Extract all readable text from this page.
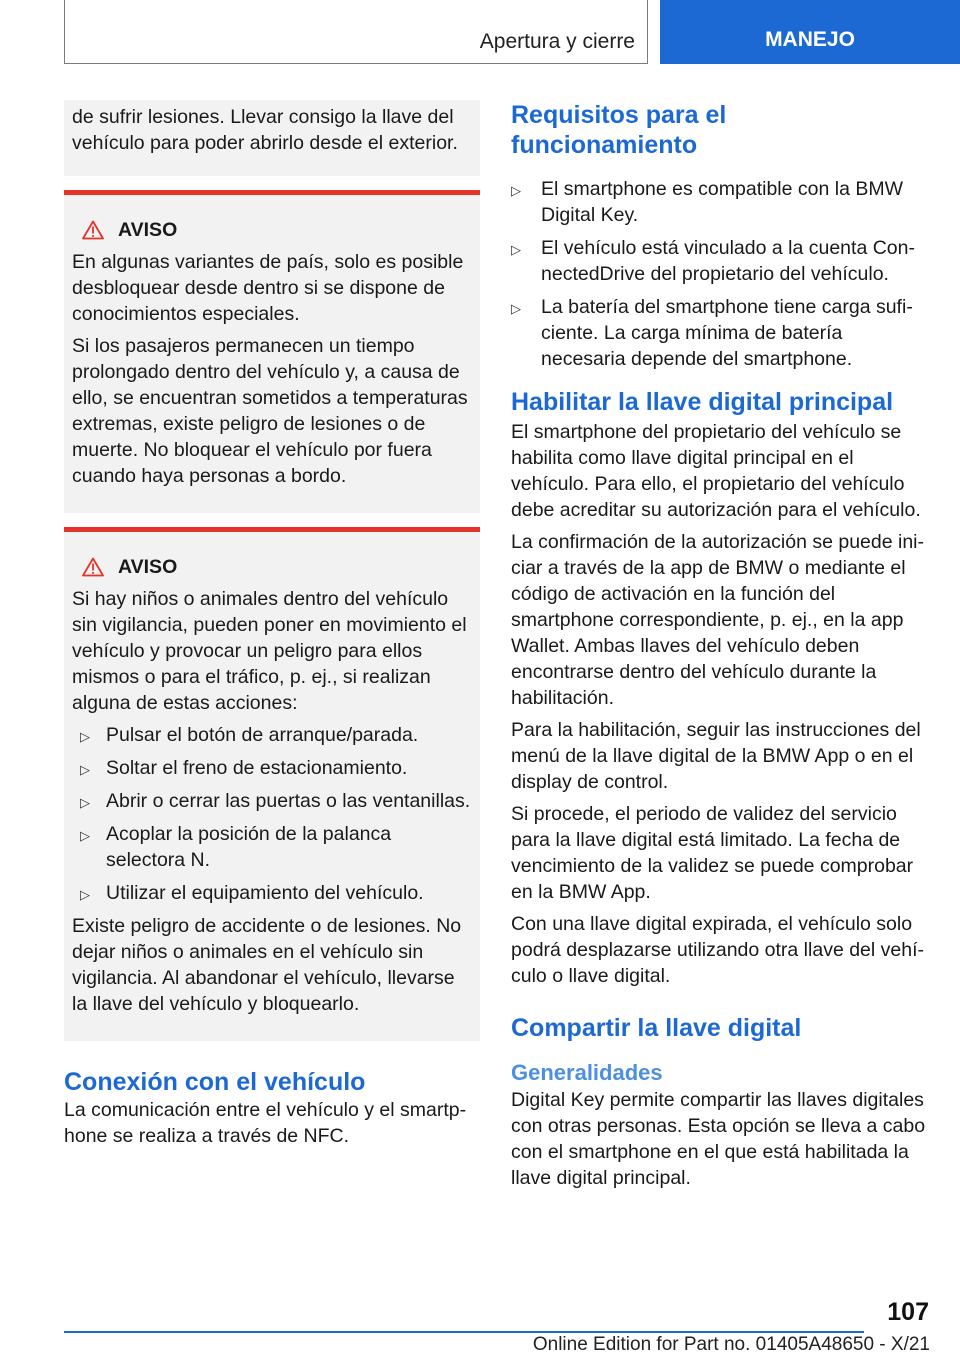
Apertura y cierre	MANEJO

de sufrir lesiones. Llevar consigo la llave del vehículo para poder abrirlo desde el exterior.

AVISO

En algunas variantes de país, solo es posible desbloquear desde dentro si se dispone de conocimientos especiales.

Si los pasajeros permanecen un tiempo prolongado dentro del vehículo y, a causa de ello, se encuentran sometidos a temperaturas extremas, existe peligro de lesiones o de muerte. No bloquear el vehículo por fuera cuando haya personas a bordo.

AVISO

Si hay niños o animales dentro del vehículo sin vigilancia, pueden poner en movimiento el vehículo y provocar un peligro para ellos mismos o para el tráfico, p. ej., si realizan alguna de estas acciones:

▷ Pulsar el botón de arranque/parada.
▷ Soltar el freno de estacionamiento.
▷ Abrir o cerrar las puertas o las ventanillas.
▷ Acoplar la posición de la palanca selectora N.
▷ Utilizar el equipamiento del vehículo.

Existe peligro de accidente o de lesiones. No dejar niños o animales en el vehículo sin vigilancia. Al abandonar el vehículo, llevarse la llave del vehículo y bloquearlo.

Conexión con el vehículo

La comunicación entre el vehículo y el smartphone se realiza a través de NFC.

Requisitos para el funcionamiento
▷ El smartphone es compatible con la BMW Digital Key.
▷ El vehículo está vinculado a la cuenta ConnectedDrive del propietario del vehículo.
▷ La batería del smartphone tiene carga suficiente. La carga mínima de batería necesaria depende del smartphone.
Habilitar la llave digital principal

El smartphone del propietario del vehículo se habilita como llave digital principal en el vehículo. Para ello, el propietario del vehículo debe acreditar su autorización para el vehículo.

La confirmación de la autorización se puede iniciar a través de la app de BMW o mediante el código de activación en la función del smartphone correspondiente, p. ej., en la app Wallet. Ambas llaves del vehículo deben encontrarse dentro del vehículo durante la habilitación.

Para la habilitación, seguir las instrucciones del menú de la llave digital de la BMW App o en el display de control.

Si procede, el periodo de validez del servicio para la llave digital está limitado. La fecha de vencimiento de la validez se puede comprobar en la BMW App.

Con una llave digital expirada, el vehículo solo podrá desplazarse utilizando otra llave del vehículo o llave digital.

Compartir la llave digital
Generalidades

Digital Key permite compartir las llaves digitales con otras personas. Esta opción se lleva a cabo con el smartphone en el que está habilitada la llave digital principal.

107
Online Edition for Part no. 01405A48650 - X/21
